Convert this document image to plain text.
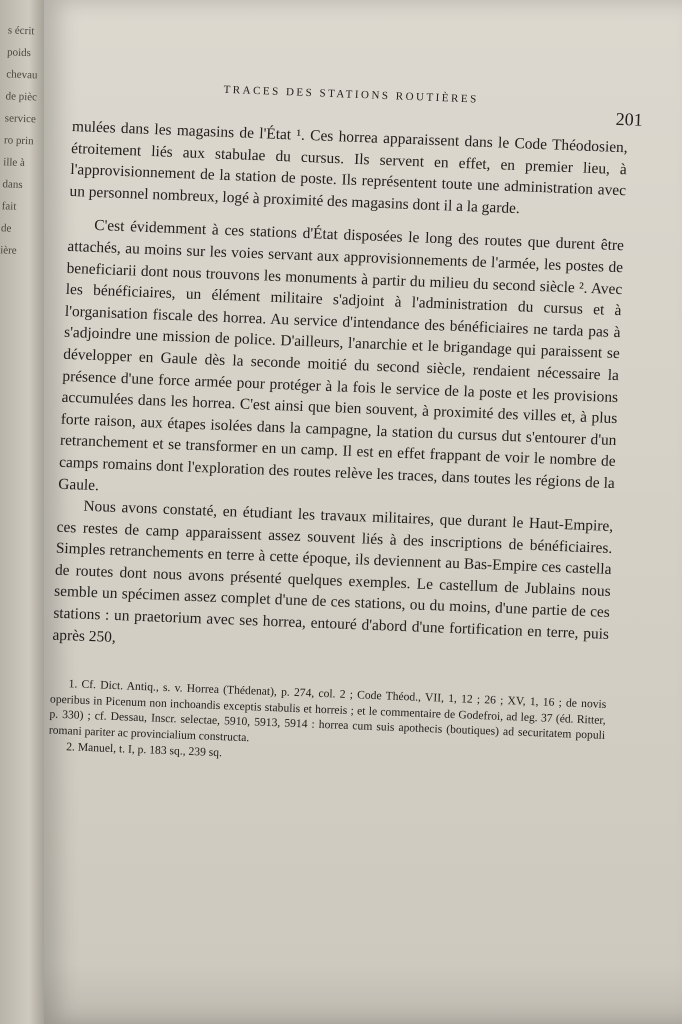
s écrit
poids
chevau
de pièc
service
ro prin
ille à
dans
fait
de
ière
TRACES DES STATIONS ROUTIÈRES
201

mulées dans les magasins de l'État ¹. Ces horrea apparaissent dans le Code Théodosien, étroitement liés aux stabulae du cursus. Ils servent en effet, en premier lieu, à l'approvisionnement de la station de poste. Ils représentent toute une administration avec un personnel nombreux, logé à proximité des magasins dont il a la garde.

C'est évidemment à ces stations d'État disposées le long des routes que durent être attachés, au moins sur les voies servant aux approvisionnements de l'armée, les postes de beneficiarii dont nous trouvons les monuments à partir du milieu du second siècle ². Avec les bénéficiaires, un élément militaire s'adjoint à l'administration du cursus et à l'organisation fiscale des horrea. Au service d'intendance des bénéficiaires ne tarda pas à s'adjoindre une mission de police. D'ailleurs, l'anarchie et le brigandage qui paraissent se développer en Gaule dès la seconde moitié du second siècle, rendaient nécessaire la présence d'une force armée pour protéger à la fois le service de la poste et les provisions accumulées dans les horrea. C'est ainsi que bien souvent, à proximité des villes et, à plus forte raison, aux étapes isolées dans la campagne, la station du cursus dut s'entourer d'un retranchement et se transformer en un camp. Il est en effet frappant de voir le nombre de camps romains dont l'exploration des routes relève les traces, dans toutes les régions de la Gaule.

Nous avons constaté, en étudiant les travaux militaires, que durant le Haut-Empire, ces restes de camp apparaissent assez souvent liés à des inscriptions de bénéficiaires. Simples retranchements en terre à cette époque, ils deviennent au Bas-Empire ces castella de routes dont nous avons présenté quelques exemples. Le castellum de Jublains nous semble un spécimen assez complet d'une de ces stations, ou du moins, d'une partie de ces stations : un praetorium avec ses horrea, entouré d'abord d'une fortification en terre, puis après 250,

1. Cf. Dict. Antiq., s. v. Horrea (Thédenat), p. 274, col. 2 ; Code Théod., VII, 1, 12 ; 26 ; XV, 1, 16 ; de novis operibus in Picenum non inchoandis exceptis stabulis et horreis ; et le commentaire de Godefroi, ad leg. 37 (éd. Ritter, p. 330) ; cf. Dessau, Inscr. selectae, 5910, 5913, 5914 : horrea cum suis apothecis (boutiques) ad securitatem populi romani pariter ac provincialium constructa.

2. Manuel, t. I, p. 183 sq., 239 sq.
